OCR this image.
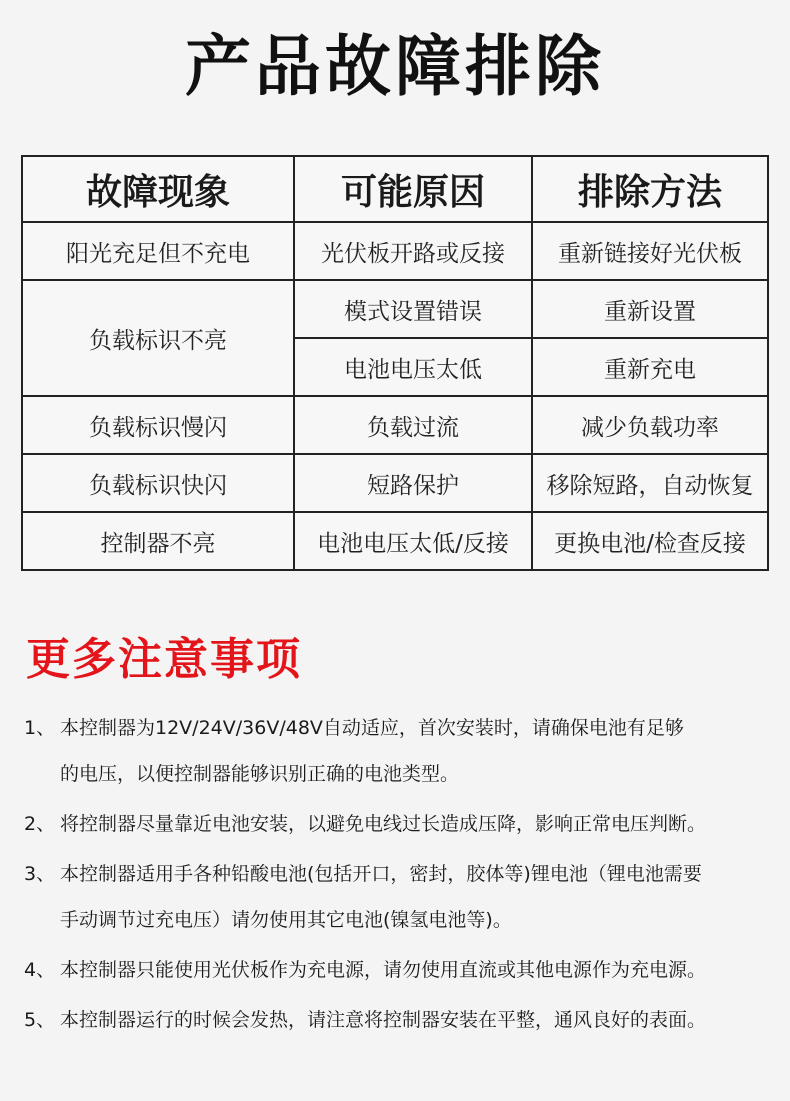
产品故障排除
故障现象	可能原因	排除方法
阳光充足但不充电	光伏板开路或反接	重新链接好光伏板
负载标识不亮	模式设置错误	重新设置
	电池电压太低	重新充电
负载标识慢闪	负载过流	减少负载功率
负载标识快闪	短路保护	移除短路，自动恢复
控制器不亮	电池电压太低/反接	更换电池/检查反接
更多注意事项
1、 本控制器为12V/24V/36V/48V自动适应，首次安装时，请确保电池有足够
的电压，以便控制器能够识别正确的电池类型。
2、 将控制器尽量靠近电池安装，以避免电线过长造成压降，影响正常电压判断。
3、 本控制器适用手各种铅酸电池(包括开口，密封，胶体等)锂电池（锂电池需要
手动调节过充电压）请勿使用其它电池(镍氢电池等)。
4、 本控制器只能使用光伏板作为充电源，请勿使用直流或其他电源作为充电源。
5、 本控制器运行的时候会发热，请注意将控制器安装在平整，通风良好的表面。
